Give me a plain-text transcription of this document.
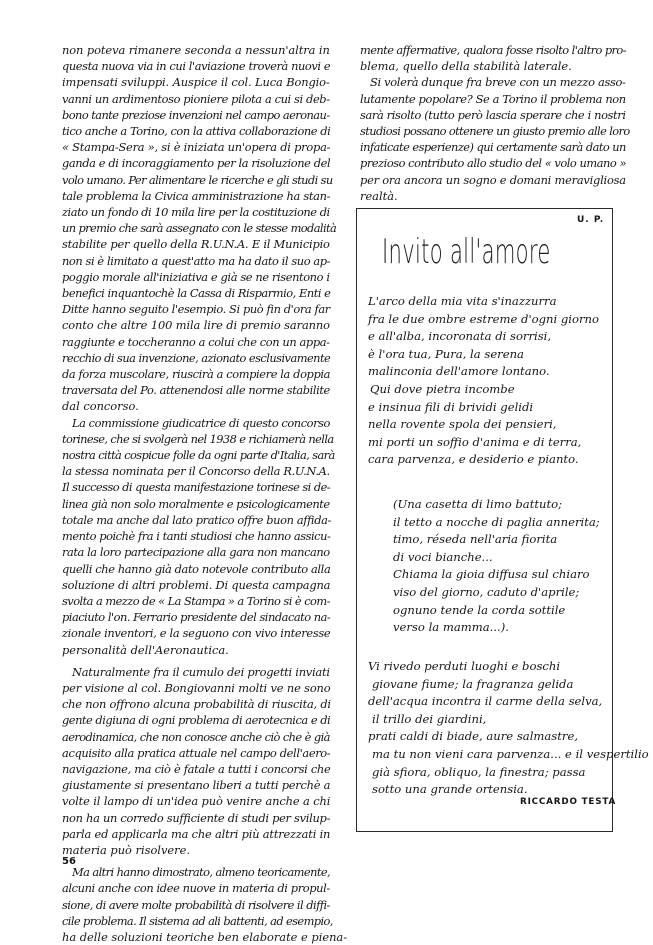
non poteva rimanere seconda a nessun'altra in
questa nuova via in cui l'aviazione troverà nuovi e
impensati sviluppi. Auspice il col. Luca Bongio-
vanni un ardimentoso pioniere pilota a cui si deb-
bono tante preziose invenzioni nel campo aeronau-
tico anche a Torino, con la attiva collaborazione di
« Stampa-Sera », si è iniziata un'opera di propa-
ganda e di incoraggiamento per la risoluzione del
volo umano. Per alimentare le ricerche e gli studi su
tale problema la Civica amministrazione ha stan-
ziato un fondo di 10 mila lire per la costituzione di
un premio che sarà assegnato con le stesse modalità
stabilite per quello della R.U.N.A. E il Municipio
non si è limitato a quest'atto ma ha dato il suo ap-
poggio morale all'iniziativa e già se ne risentono i
benefici inquantochè la Cassa di Risparmio, Enti e
Ditte hanno seguito l'esempio. Si può fin d'ora far
conto che altre 100 mila lire di premio saranno
raggiunte e toccheranno a colui che con un appa-
recchio di sua invenzione, azionato esclusivamente
da forza muscolare, riuscirà a compiere la doppia
traversata del Po. attenendosi alle norme stabilite
dal concorso.

La commissione giudicatrice di questo concorso
torinese, che si svolgerà nel 1938 e richiamerà nella
nostra città cospicue folle da ogni parte d'Italia, sarà
la stessa nominata per il Concorso della R.U.N.A.
Il successo di questa manifestazione torinese si de-
linea già non solo moralmente e psicologicamente
totale ma anche dal lato pratico offre buon affida-
mento poichè fra i tanti studiosi che hanno assicu-
rata la loro partecipazione alla gara non mancano
quelli che hanno già dato notevole contributo alla
soluzione di altri problemi. Di questa campagna
svolta a mezzo de « La Stampa » a Torino si è com-
piaciuto l'on. Ferrario presidente del sindacato na-
zionale inventori, e la seguono con vivo interesse
personalità dell'Aeronautica.

Naturalmente fra il cumulo dei progetti inviati
per visione al col. Bongiovanni molti ve ne sono
che non offrono alcuna probabilità di riuscita, di
gente digiuna di ogni problema di aerotecnica e di
aerodinamica, che non conosce anche ciò che è già
acquisito alla pratica attuale nel campo dell'aero-
navigazione, ma ciò è fatale a tutti i concorsi che
giustamente si presentano liberi a tutti perchè a
volte il lampo di un'idea può venire anche a chi
non ha un corredo sufficiente di studi per svilup-
parla ed applicarla ma che altri più attrezzati in
materia può risolvere.

Ma altri hanno dimostrato, almeno teoricamente,
alcuni anche con idee nuove in materia di propul-
sione, di avere molte probabilità di risolvere il diffi-
cile problema. Il sistema ad ali battenti, ad esempio,
ha delle soluzioni teoriche ben elaborate e piena-

mente affermative, qualora fosse risolto l'altro pro-
blema, quello della stabilità laterale.

Si volerà dunque fra breve con un mezzo asso-
lutamente popolare? Se a Torino il problema non
sarà risolto (tutto però lascia sperare che i nostri
studiosi possano ottenere un giusto premio alle loro
infaticate esperienze) qui certamente sarà dato un
prezioso contributo allo studio del « volo umano »
per ora ancora un sogno e domani meravigliosa
realtà.

U. P.
Invito all'amore
L'arco della mia vita s'inazzurra
fra le due ombre estreme d'ogni giorno
e all'alba, incoronata di sorrisi,
è l'ora tua, Pura, la serena
malinconia dell'amore lontano.
Qui dove pietra incombe
e insinua fili di brividi gelidi
nella rovente spola dei pensieri,
mi porti un soffio d'anima e di terra,
cara parvenza, e desiderio e pianto.
(Una casetta di limo battuto;
il tetto a nocche di paglia annerita;
timo, réseda nell'aria fiorita
di voci bianche...
Chiama la gioia diffusa sul chiaro
viso del giorno, caduto d'aprile;
ognuno tende la corda sottile
verso la mamma...).
Vi rivedo perduti luoghi e boschi
giovane fiume; la fragranza gelida
dell'acqua incontra il carme della selva,
il trillo dei giardini,
prati caldi di biade, aure salmastre,
ma tu non vieni cara parvenza... e il vespertilio
già sfiora, obliquo, la finestra; passa
sotto una grande ortensia.
RICCARDO TESTA
56
